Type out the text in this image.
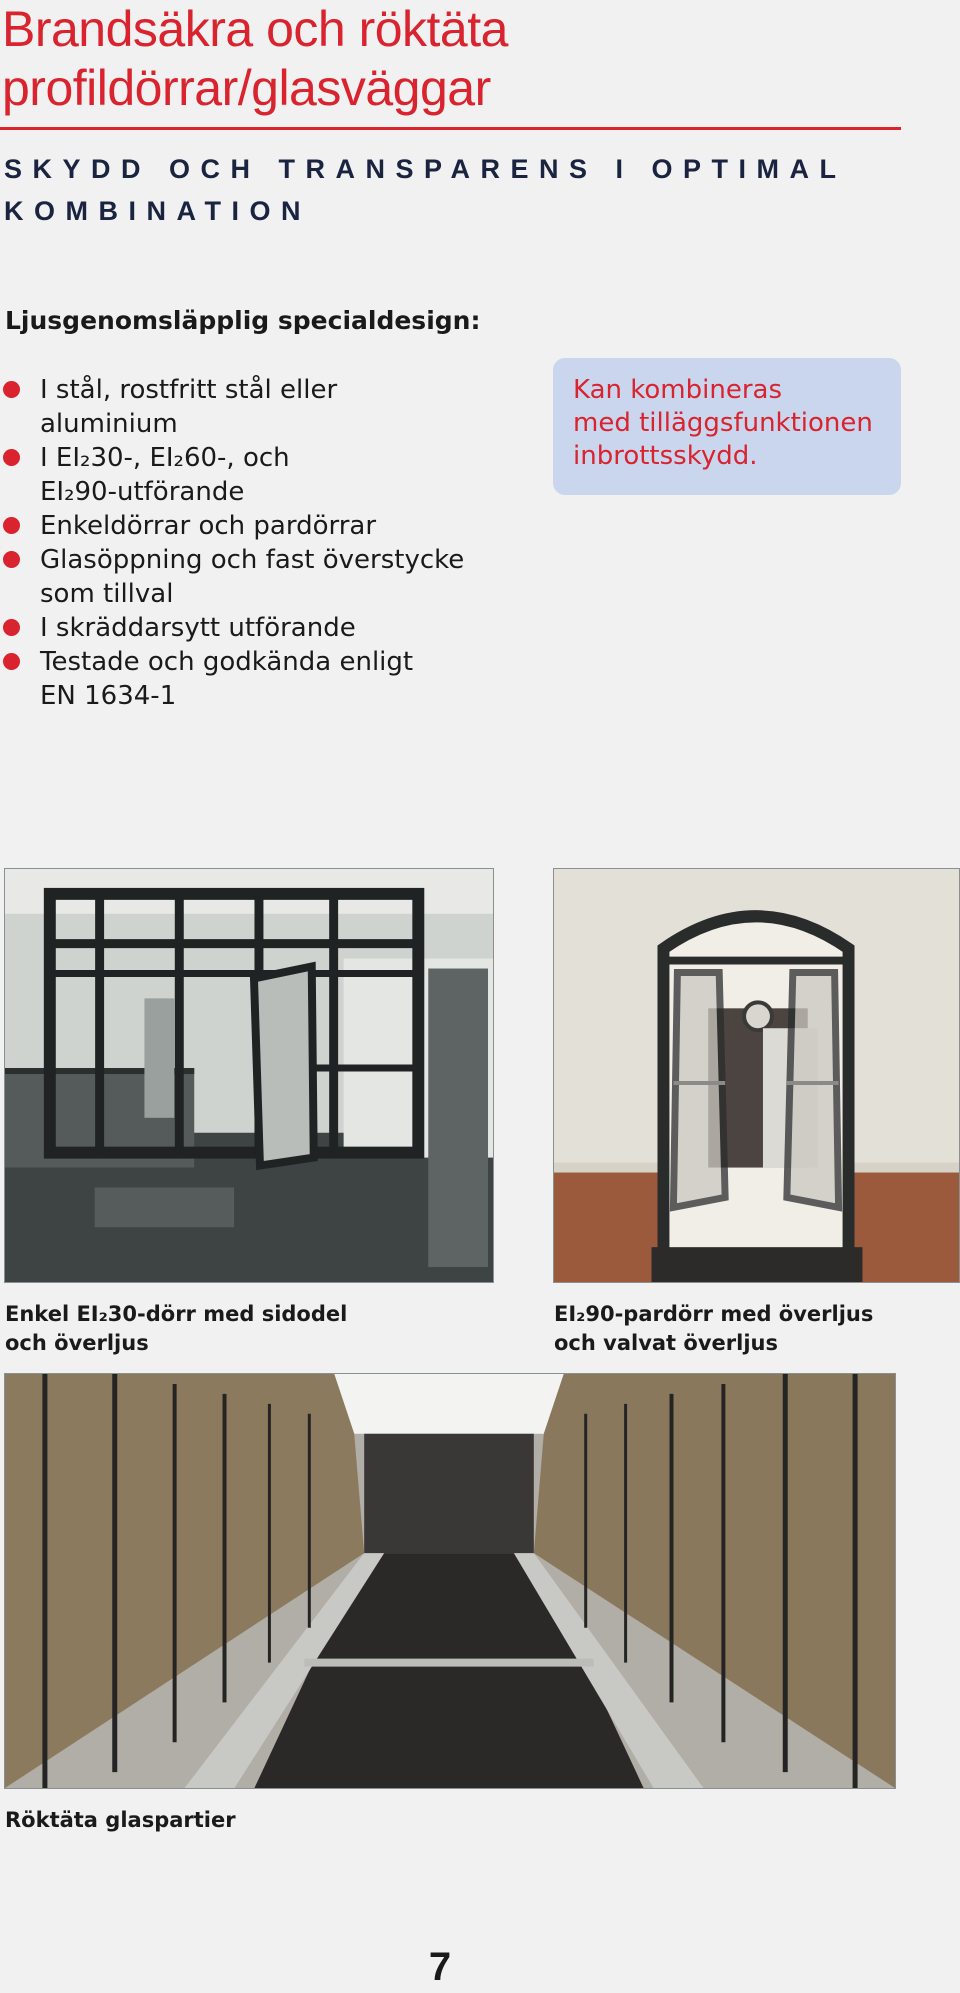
Brandsäkra och röktäta
profildörrar/glasväggar
SKYDD OCH TRANSPARENS I OPTIMAL
KOMBINATION
Ljusgenomsläpplig specialdesign:
I stål, rostfritt stål eller
aluminium
I EI₂30-, EI₂60-, och
EI₂90-utförande
Enkeldörrar och pardörrar
Glasöppning och fast överstycke
som tillval
I skräddarsytt utförande
Testade och godkända enligt
EN 1634-1
Kan kombineras
med tilläggsfunktionen
inbrottsskydd.

Enkel EI₂30-dörr med sidodel
och överljus

EI₂90-pardörr med överljus
och valvat överljus

Röktäta glaspartier

7
